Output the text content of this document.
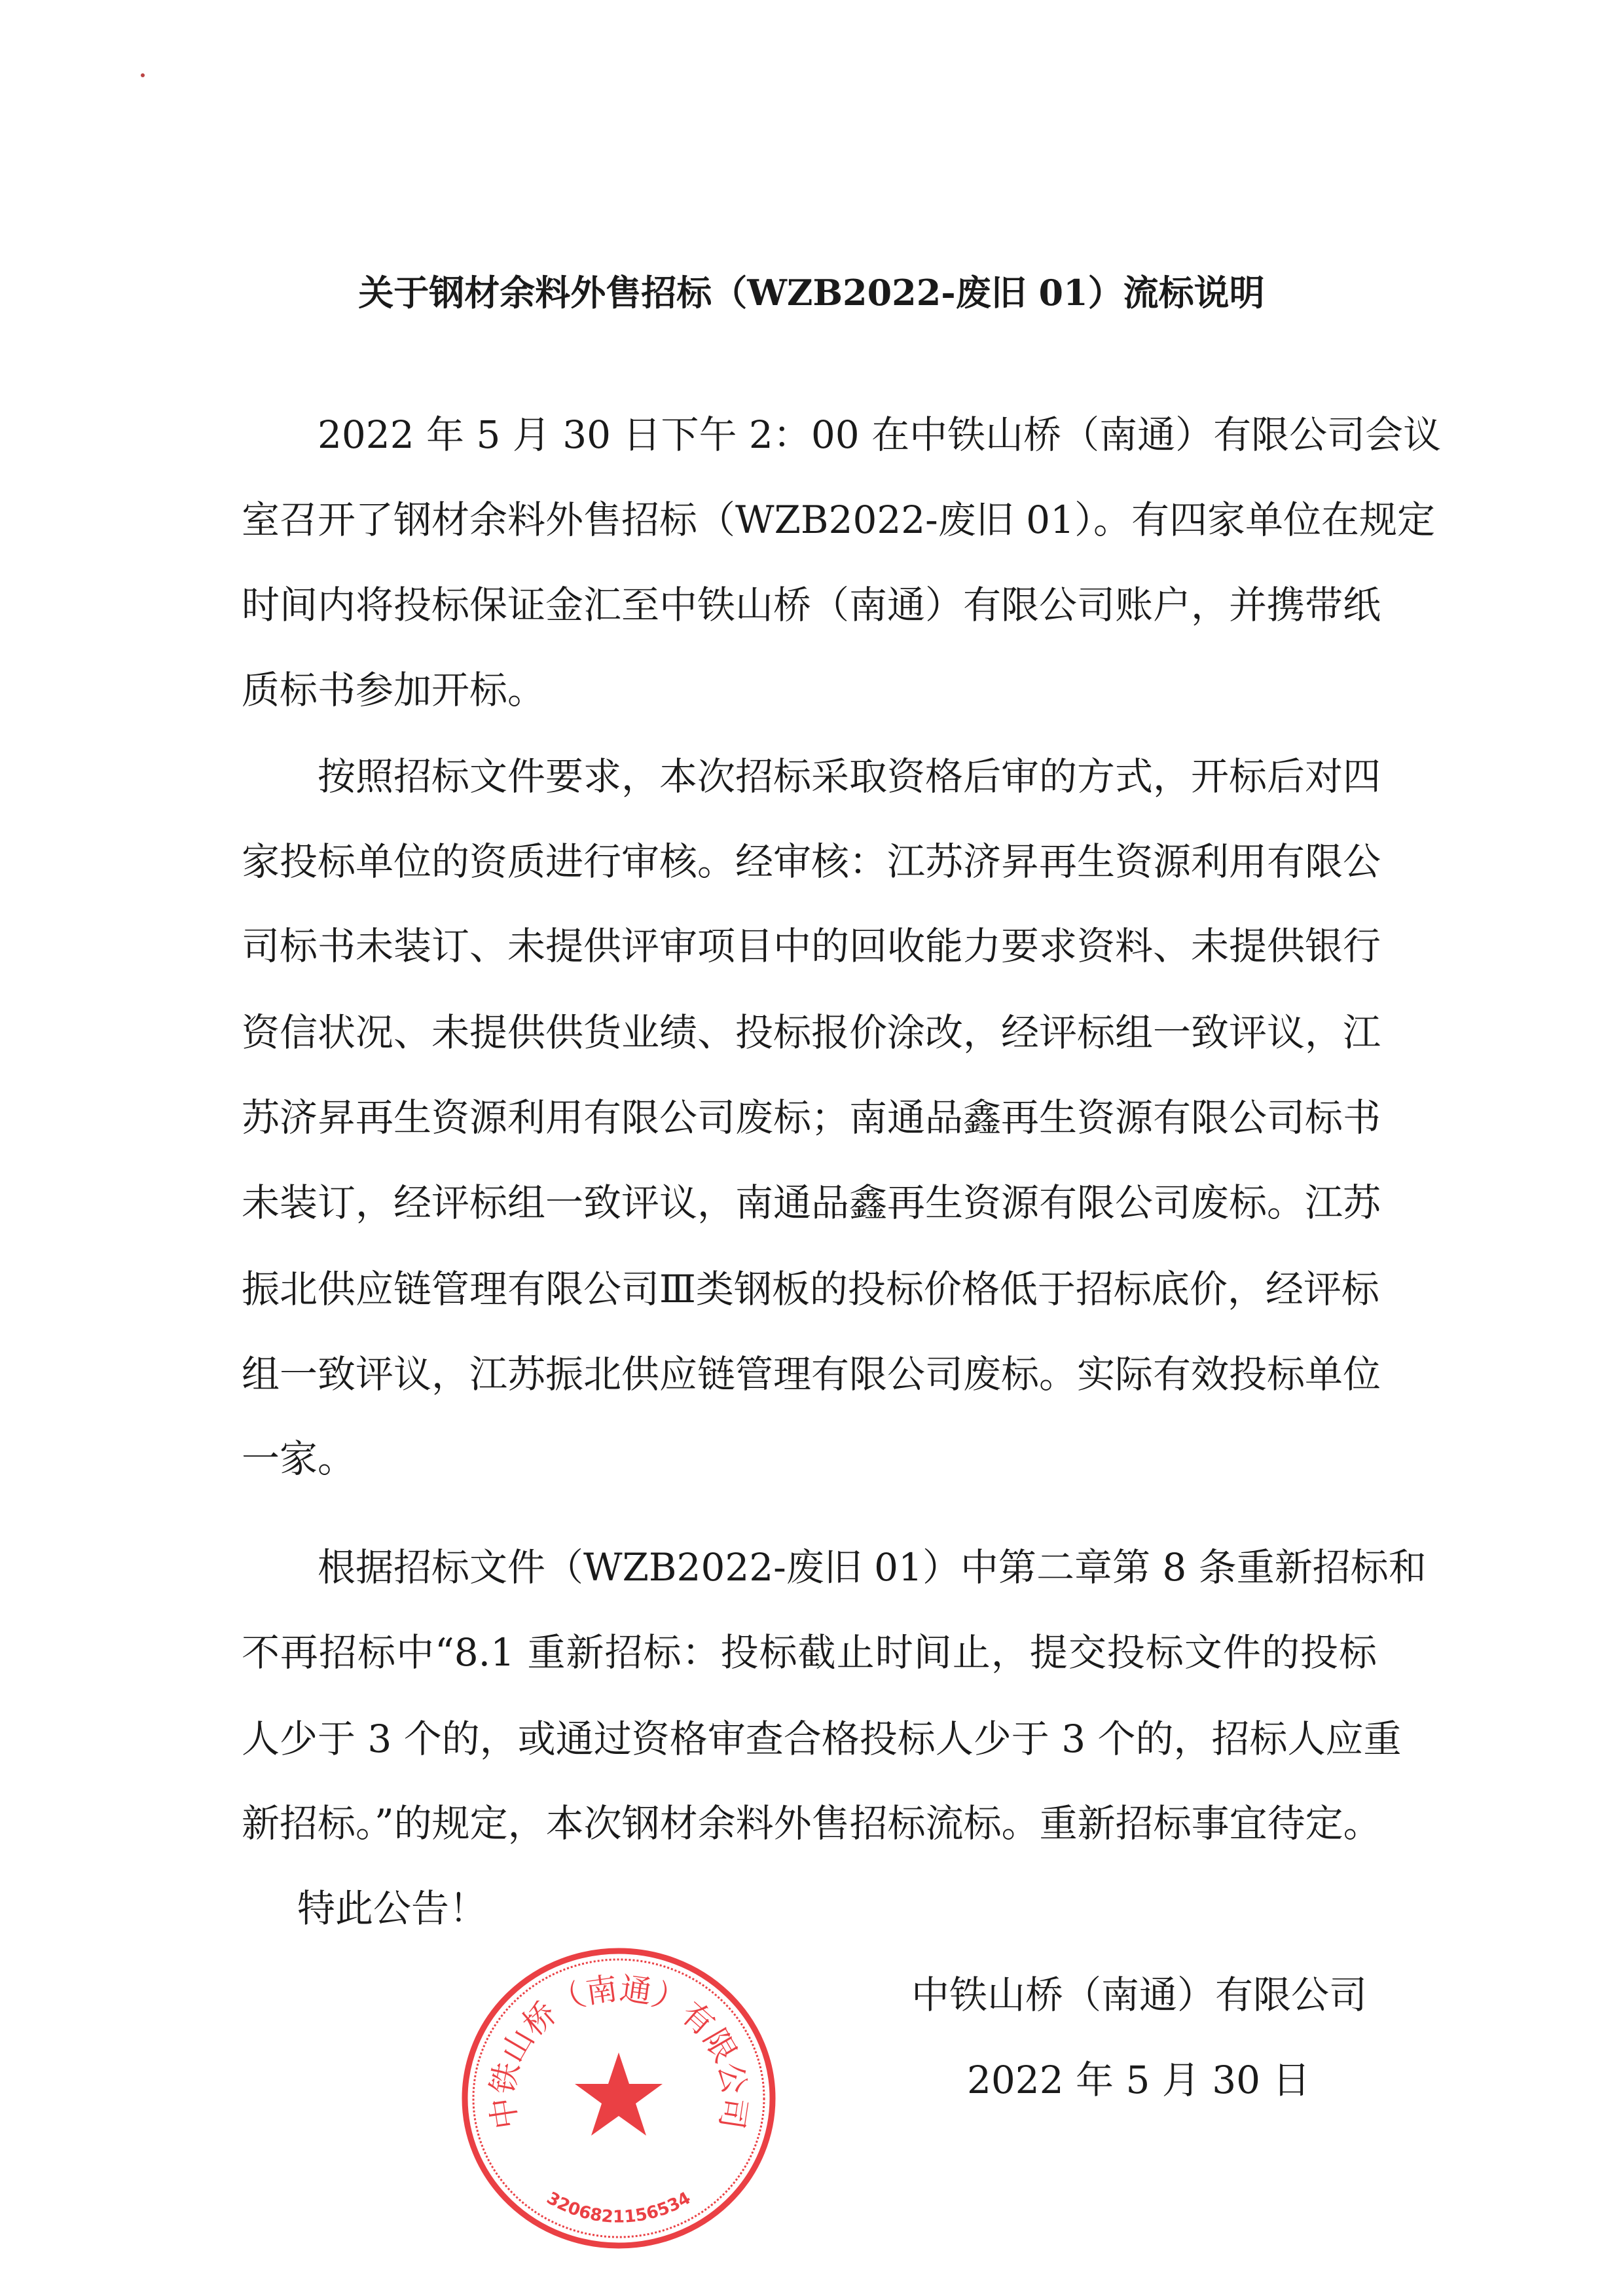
关于钢材余料外售招标（WZB2022-废旧 01）流标说明
2022 年 5 月 30 日下午 2：00 在中铁山桥（南通）有限公司会议
室召开了钢材余料外售招标（WZB2022-废旧 01）。有四家单位在规定
时间内将投标保证金汇至中铁山桥（南通）有限公司账户，并携带纸
质标书参加开标。
按照招标文件要求，本次招标采取资格后审的方式，开标后对四
家投标单位的资质进行审核。经审核：江苏济昇再生资源利用有限公
司标书未装订、未提供评审项目中的回收能力要求资料、未提供银行
资信状况、未提供供货业绩、投标报价涂改，经评标组一致评议，江
苏济昇再生资源利用有限公司废标；南通品鑫再生资源有限公司标书
未装订，经评标组一致评议，南通品鑫再生资源有限公司废标。江苏
振北供应链管理有限公司Ⅲ类钢板的投标价格低于招标底价，经评标
组一致评议，江苏振北供应链管理有限公司废标。实际有效投标单位
一家。
根据招标文件（WZB2022-废旧 01）中第二章第 8 条重新招标和
不再招标中“8.1 重新招标：投标截止时间止，提交投标文件的投标
人少于 3 个的，或通过资格审查合格投标人少于 3 个的，招标人应重
新招标。”的规定，本次钢材余料外售招标流标。重新招标事宜待定。
特此公告！
中铁山桥（南通）有限公司
2022 年 5 月 30 日
中铁山桥（南通）有限公司
3206821156534
